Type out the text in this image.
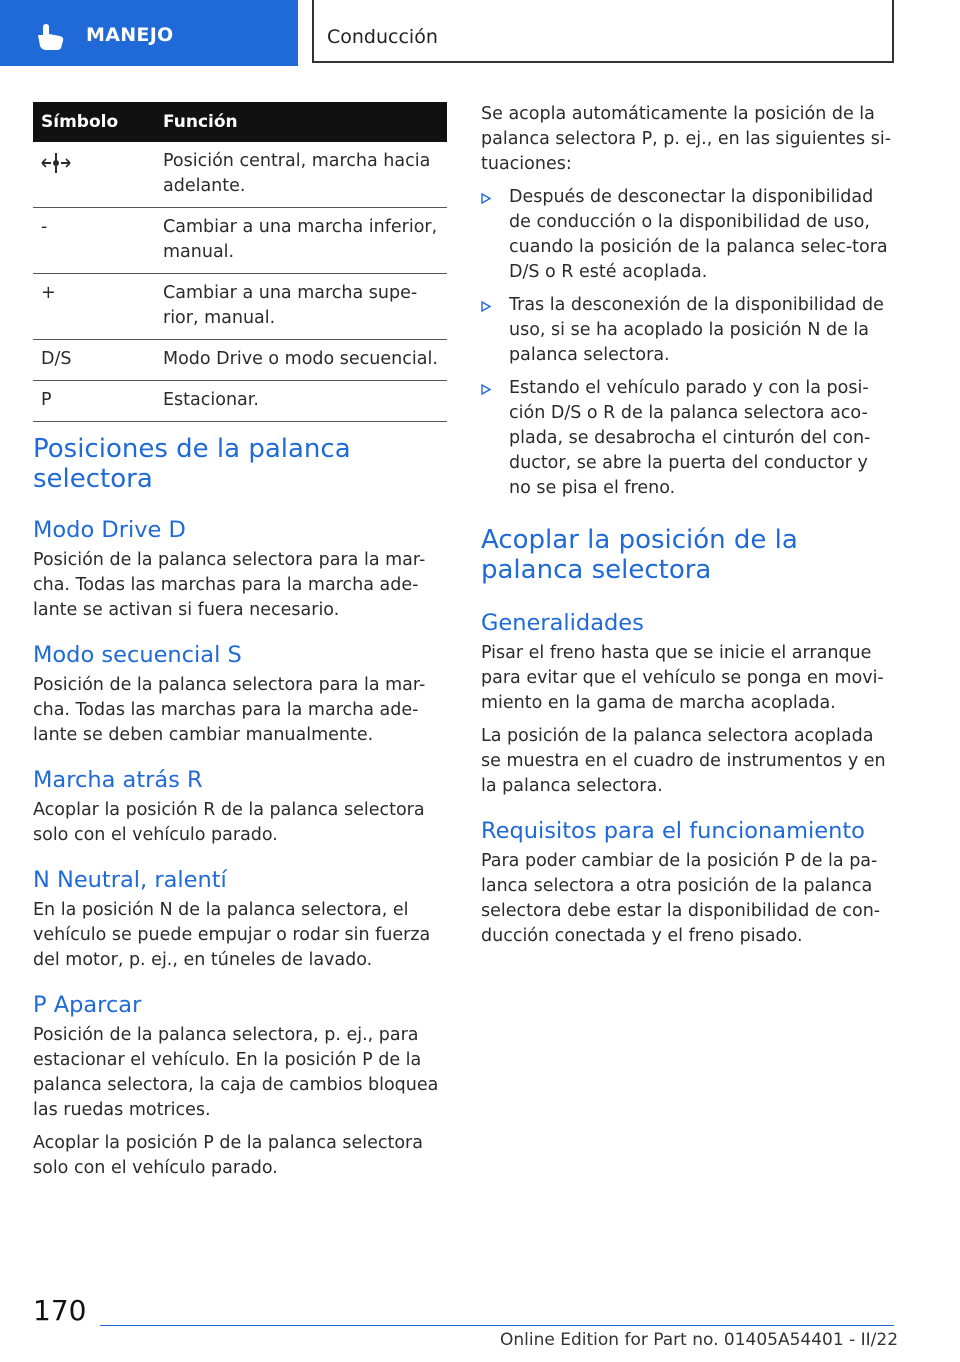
MANEJO	Conducción
Símbolo	Función
	Posición central, marcha hacia adelante.
-	Cambiar a una marcha inferior, manual.
+	Cambiar a una marcha supe-rior, manual.
D/S	Modo Drive o modo secuencial.
P	Estacionar.
Posiciones de la palanca selectora
Modo Drive D

Posición de la palanca selectora para la mar-cha. Todas las marchas para la marcha ade-lante se activan si fuera necesario.

Modo secuencial S

Posición de la palanca selectora para la mar-cha. Todas las marchas para la marcha ade-lante se deben cambiar manualmente.

Marcha atrás R

Acoplar la posición R de la palanca selectora solo con el vehículo parado.

N Neutral, ralentí

En la posición N de la palanca selectora, el vehículo se puede empujar o rodar sin fuerza del motor, p. ej., en túneles de lavado.

P Aparcar

Posición de la palanca selectora, p. ej., para estacionar el vehículo. En la posición P de la palanca selectora, la caja de cambios bloquea las ruedas motrices.

Acoplar la posición P de la palanca selectora solo con el vehículo parado.

Se acopla automáticamente la posición de la palanca selectora P, p. ej., en las siguientes si-tuaciones:

Después de desconectar la disponibilidad de conducción o la disponibilidad de uso, cuando la posición de la palanca selec-tora D/S o R esté acoplada.
Tras la desconexión de la disponibilidad de uso, si se ha acoplado la posición N de la palanca selectora.
Estando el vehículo parado y con la posi-ción D/S o R de la palanca selectora aco-plada, se desabrocha el cinturón del con-ductor, se abre la puerta del conductor y no se pisa el freno.
Acoplar la posición de la palanca selectora
Generalidades

Pisar el freno hasta que se inicie el arranque para evitar que el vehículo se ponga en movi-miento en la gama de marcha acoplada.

La posición de la palanca selectora acoplada se muestra en el cuadro de instrumentos y en la palanca selectora.

Requisitos para el funcionamiento

Para poder cambiar de la posición P de la pa-lanca selectora a otra posición de la palanca selectora debe estar la disponibilidad de con-ducción conectada y el freno pisado.

170
Online Edition for Part no. 01405A54401 - II/22
